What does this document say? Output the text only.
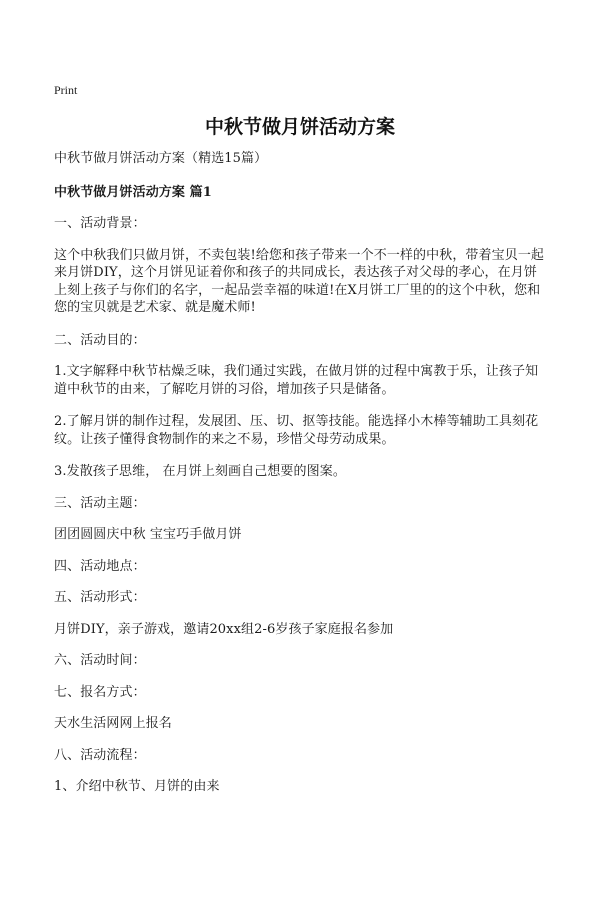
Print
中秋节做月饼活动方案

中秋节做月饼活动方案（精选15篇）

中秋节做月饼活动方案 篇1

一、活动背景：

这个中秋我们只做月饼，不卖包装!给您和孩子带来一个不一样的中秋，带着宝贝一起来月饼DIY，这个月饼见证着你和孩子的共同成长，表达孩子对父母的孝心，在月饼上刻上孩子与你们的名字，一起品尝幸福的味道!在X月饼工厂里的的这个中秋，您和您的宝贝就是艺术家、就是魔术师!

二、活动目的：

1.文字解释中秋节枯燥乏味，我们通过实践，在做月饼的过程中寓教于乐，让孩子知道中秋节的由来，了解吃月饼的习俗，增加孩子只是储备。

2.了解月饼的制作过程，发展团、压、切、抠等技能。能选择小木棒等辅助工具刻花纹。让孩子懂得食物制作的来之不易，珍惜父母劳动成果。

3.发散孩子思维， 在月饼上刻画自己想要的图案。

三、活动主题：

团团圆圆庆中秋 宝宝巧手做月饼

四、活动地点：

五、活动形式：

月饼DIY，亲子游戏，邀请20xx组2-6岁孩子家庭报名参加

六、活动时间：

七、报名方式：

天水生活网网上报名

八、活动流程：

1、介绍中秋节、月饼的由来
